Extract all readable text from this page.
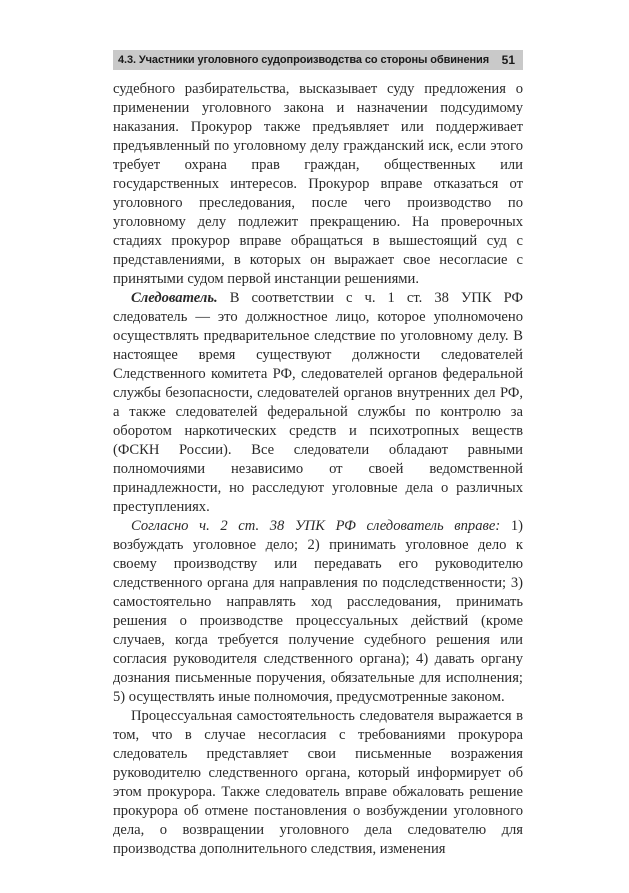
4.3. Участники уголовного судопроизводства со стороны обвинения 51

судебного разбирательства, высказывает суду предложения о применении уголовного закона и назначении подсудимому наказания. Прокурор также предъявляет или поддерживает предъявленный по уголовному делу гражданский иск, если этого требует охрана прав граждан, общественных или государственных интересов. Прокурор вправе отказаться от уголовного преследования, после чего производство по уголовному делу подлежит прекращению. На проверочных стадиях прокурор вправе обращаться в вышестоящий суд с представлениями, в которых он выражает свое несогласие с принятыми судом первой инстанции решениями.

Следователь. В соответствии с ч. 1 ст. 38 УПК РФ следователь — это должностное лицо, которое уполномочено осуществлять предварительное следствие по уголовному делу. В настоящее время существуют должности следователей Следственного комитета РФ, следователей органов федеральной службы безопасности, следователей органов внутренних дел РФ, а также следователей федеральной службы по контролю за оборотом наркотических средств и психотропных веществ (ФСКН России). Все следователи обладают равными полномочиями независимо от своей ведомственной принадлежности, но расследуют уголовные дела о различных преступлениях.

Согласно ч. 2 ст. 38 УПК РФ следователь вправе: 1) возбуждать уголовное дело; 2) принимать уголовное дело к своему производству или передавать его руководителю следственного органа для направления по подследственности; 3) самостоятельно направлять ход расследования, принимать решения о производстве процессуальных действий (кроме случаев, когда требуется получение судебного решения или согласия руководителя следственного органа); 4) давать органу дознания письменные поручения, обязательные для исполнения; 5) осуществлять иные полномочия, предусмотренные законом.

Процессуальная самостоятельность следователя выражается в том, что в случае несогласия с требованиями прокурора следователь представляет свои письменные возражения руководителю следственного органа, который информирует об этом прокурора. Также следователь вправе обжаловать решение прокурора об отмене постановления о возбуждении уголовного дела, о возвращении уголовного дела следователю для производства дополнительного следствия, изменения
